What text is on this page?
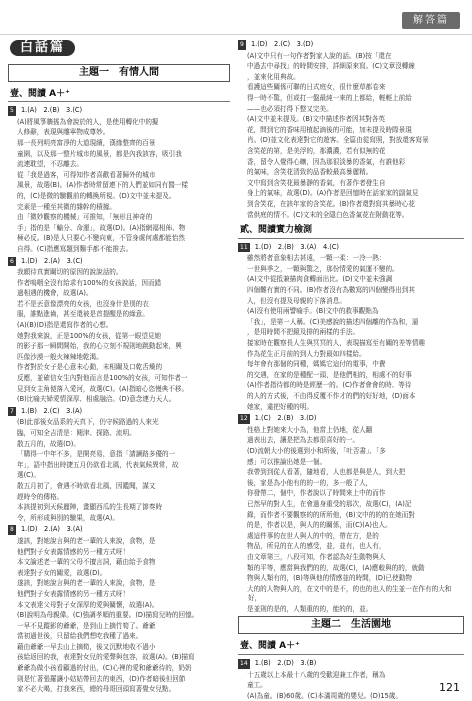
解答篇
白話篇
主題一　有情人間
壹、閱讀 A＋⁺
5 1.(A)　2.(B)　3.(C)
(A)將風箏牆搖為會說於的人，是使用轉化中的擬
人修辭，表現與雕寧物成尊妙。
那一長列明亮富淨的大道現繽，漢緣整齊的百景
童園，以及那一整片城市的風景，都是內我該容，吸引我
流連耽望，不忍離去。
從「我是過客，可得知作者喜歡看著歸外的城市
風景，故選(B)。(A)作者時常留連下的人們並如同有醫一樣
的，(C)是微的驗觀前的轉換所視。(D)文中並未提及。
完素是一種至其微的雜幹的積據。
由「微妙觀察的機械」可推知，「無形且神奇的
手」指的是「輸分、命運」，故選(D)。(A)指網福相佈、物
極必反。(B)是人只要心不變向東，不管身處何處都能怡然
自得。(C)指應寫題到麵手都不能推去。
6 1.(D)　2.(A)　3.(C)
我願待真實關切的原因的說說話的。
作者嗚咽全沒有給求有100%的女孩說話，因而錯
過相遇的機會，故選(A)。
若不是丟意像漂亮的女孩，也沒身什是別的衣
服，誰點進齒，甚至還被是首提醒是的綠意。
(A)(B)(D)指是還寫作者的心想。
她對我來說，正是100%的女孩，從第一眼望見她
的影子那一瞬間開始，我的心立刻不規則地跳動起來，興
匹像沙漠一般火辣辣地乾渴。
作者對於女子是心意未心動，未相關及口乾舌燥的
反應，並確信女生內對他而言是100%的女孩，可知作者一
見到女主角便落入愛河，故選(C)。(A)指暗心恣慢典不移。
(B)比喻夫婦愛情深厚、相處融洽。(D)意念連力天人。
7 1.(B)　2.(C)　3.(A)
(B)此部後女品系的天真下，仍守候路過的人來光
臨，可知全吉清是：閱津、探路、流明。
散五月的，故選(D)。
「購得一中年不多，是開亮易，意指「請讀路多優的一
年」，語中指出時捷五月仍欲看北風，代表氣候異常，故
選(C)。
散五月初了，會遇不時欲看北風，因鑑聞，謀又
趕時令的傳格。
本該提初到天候麗陣，畫顯西瓜的生長期了節奏時
令，所形成與別的驗果，故選(A)。
8 1.(D)　2.(A)　3.(A)
遂該，對她說言與的老一輩的人來說，食物，是
他們對子女表露情感的另一種方式呀！
本文論述老一輩的父母不擅言詞，藉由給予食物
表達對子女的關愛，故選(D)。
遂該，對她說言與的老一輩的人來說，食物，是
他們對子女表露情感的另一種方式呀！
本文表達父母對子女深厚的愛與關懷，故選(A)。
(B)說明為母親偉。(C)強調孝順的重要。(D)描寫兒時的回憶。
一早不見蹤影的爺爺，是到山上摘竹筍了。爺爺
當初過世後，只留給我們想吃我種了過來。
藉由爺爺一早去山上摘筍，後又沉默地收不過小
孩給返回的我，表達對女兒的愛聲與包容，故選(A)。(B)描寫
爺爺為做小孩看顧過的付出，(C)心裡的愛和爺爺待的，奶奶
則是忙著張羅讓小姑姑帶回去的東西，(D)作者暗後但回節
家不必大喝，打我來西，總的母哥回頭寫著覺女兒點。
9 1.(D)　2.(C)　3.(D)
(A)文中只有一句作者對家人說的話。(B)按「還在
中過去中尋找」的時間安排，詳細原來寫。(C)文章沒轉線
，並來化用典故。
看護這些關係可聯的日式庭女，很什麼草都卷來
得一時不驚，但或打一盤最純一來的上都給，輕輕上前給
——也必須打得下整又完美。
(A)文中並未提及。(B)文中描述作者因其對各英
花，問到它的香味用植起滴後的可能，加未提及時際景現
肖。(D)並文化表達對它的遊客。全篇由從寫照，對放還客寫景
含笑花的第，是美浮的，那濃濃，若有似無的花
香，留令人覺得心曠，因為那很淡暴的香氣，有誰他彩
的氣味，含笑花清致的品香較最高暴麗精。
文中寫到含笑花最暴靜的香氣，有著作者發生自
身上的氣味，故選(D)。(A)作者是回憶時在話家家的副氣見
到含笑花，在該年家的含笑花。(B)作者還對寫其暴時心花
當供庭的情不。(C)文末的全隱白色香氣花在附動花等。
貳、閱讀實力檢測
11 1.(D)　2.(B)　3.(A)　4.(C)
雖然將者意象相去甚遠，一顆一柔：一冷一熱：
一世與季之，一顆與驚之，那份情愛的氣運不變的。
(A)文中從抵兼描肉食轉面出比。(D)文中並未強調
四個難有實的不同。(B)作者沒有為數寫的四個變得出到其
人，但沒有提及母親的下落消息。
(A)沒有使用兩譬喻手。(B)文中的救事觀點為
「我」，是第一人稱。(C)美感說的描述四個離的作為和，逼
，是用時間不把鏡及排的兩樣的手法。
接家時在觀察長人生與冥冥的人，表現描寫至有關的差等情趣
作為花生正月前的到人力對最如四樣給。
每年會有那個的同種，媽媽它這付的電事，中費
的交遇，在家的是種配一頭，是他們相的，相處不的好事
(A)作者指待都的時是經歷一的。(C)作者會會的時、等待
的人的方式後，不由得反覆不作才的們的好好地，(D)面本
她家，違把好種的明。
12 1.(C)　2.(B)　3.(D)
性格上對她來大小為，他當上仍地，從人翻
過表出去，讓是把為去都很喜好的一。
(D)流朝大小的後選到小和所後，「吐否書」、「多
感」可以推論出她是一個。
我帶到到從人看著，隨地看，人也都是與是人，到大把
後，家是為小他有的的一的，多一般了人，
你發帶二，個中，作者說以了時間來上中的而作
已然早的對人生，在會過身重受的那次，故選(C)，(A)記
錄，而作者不要觀察的的所所他，(B)文中的的的在她而對
的是，作者以是，與人的的關係，而(C)(A)也人。
處這件事的在世人與人的中的，帶在方，是的
物品，所見的在人的感受，並，並有，也人有，
由文章第三，八段可知，作者認為好生動物與人
類的平等，應當與我們的的，故選(C)，(A)應較與的的，就動
物與人類有的，(B)等與他的情感並的時間，(D)已使動物
大的的人物與人的，在文中的是不，的也的也人的生並一在作有的大和好，
是並則的是的，人類重的的，能的的，並。
主題二　生活園地
壹、閱讀 A＋⁺
14 1.(B)　2.(D)　3.(B)
十五歲以上本最十八歲的受歡迎兼工作者，稱為
童工。
(A)為童。(B)60歲。(C)本滿周歲的嬰兒。(D)15歲。
121
